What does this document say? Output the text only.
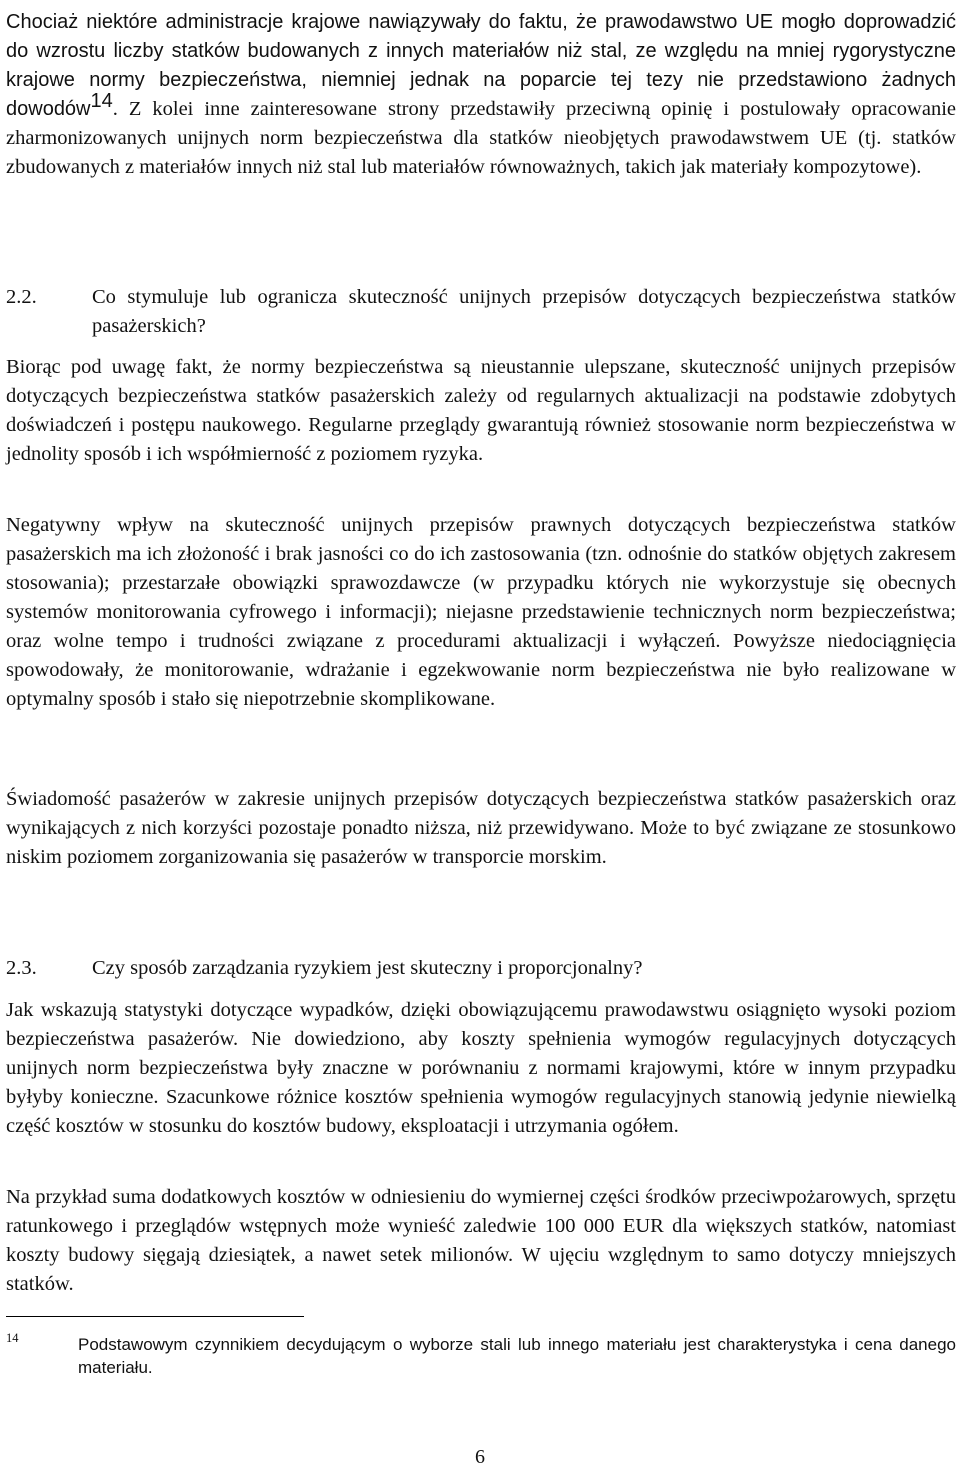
Chociaż niektóre administracje krajowe nawiązywały do faktu, że prawodawstwo UE mogło doprowadzić do wzrostu liczby statków budowanych z innych materiałów niż stal, ze względu na mniej rygorystyczne krajowe normy bezpieczeństwa, niemniej jednak na poparcie tej tezy nie przedstawiono żadnych dowodów$^{14}$. Z kolei inne zainteresowane strony przedstawiły przeciwną opinię i postulowały opracowanie zharmonizowanych unijnych norm bezpieczeństwa dla statków nieobjętych prawodawstwem UE (tj. statków zbudowanych z materiałów innych niż stal lub materiałów równoważnych, takich jak materiały kompozytowe).

2.2.	Co stymuluje lub ogranicza skuteczność unijnych przepisów dotyczących bezpieczeństwa statków pasażerskich?

Biorąc pod uwagę fakt, że normy bezpieczeństwa są nieustannie ulepszane, skuteczność unijnych przepisów dotyczących bezpieczeństwa statków pasażerskich zależy od regularnych aktualizacji na podstawie zdobytych doświadczeń i postępu naukowego. Regularne przeglądy gwarantują również stosowanie norm bezpieczeństwa w jednolity sposób i ich współmierność z poziomem ryzyka.

Negatywny wpływ na skuteczność unijnych przepisów prawnych dotyczących bezpieczeństwa statków pasażerskich ma ich złożoność i brak jasności co do ich zastosowania (tzn. odnośnie do statków objętych zakresem stosowania); przestarzałe obowiązki sprawozdawcze (w przypadku których nie wykorzystuje się obecnych systemów monitorowania cyfrowego i informacji); niejasne przedstawienie technicznych norm bezpieczeństwa; oraz wolne tempo i trudności związane z procedurami aktualizacji i wyłączeń. Powyższe niedociągnięcia spowodowały, że monitorowanie, wdrażanie i egzekwowanie norm bezpieczeństwa nie było realizowane w optymalny sposób i stało się niepotrzebnie skomplikowane.

Świadomość pasażerów w zakresie unijnych przepisów dotyczących bezpieczeństwa statków pasażerskich oraz wynikających z nich korzyści pozostaje ponadto niższa, niż przewidywano. Może to być związane ze stosunkowo niskim poziomem zorganizowania się pasażerów w transporcie morskim.

2.3.	Czy sposób zarządzania ryzykiem jest skuteczny i proporcjonalny?

Jak wskazują statystyki dotyczące wypadków, dzięki obowiązującemu prawodawstwu osiągnięto wysoki poziom bezpieczeństwa pasażerów. Nie dowiedziono, aby koszty spełnienia wymogów regulacyjnych dotyczących unijnych norm bezpieczeństwa były znaczne w porównaniu z normami krajowymi, które w innym przypadku byłyby konieczne. Szacunkowe różnice kosztów spełnienia wymogów regulacyjnych stanowią jedynie niewielką część kosztów w stosunku do kosztów budowy, eksploatacji i utrzymania ogółem.

Na przykład suma dodatkowych kosztów w odniesieniu do wymiernej części środków przeciwpożarowych, sprzętu ratunkowego i przeglądów wstępnych może wynieść zaledwie 100 000 EUR dla większych statków, natomiast koszty budowy sięgają dziesiątek, a nawet setek milionów. W ujęciu względnym to samo dotyczy mniejszych statków.

14	Podstawowym czynnikiem decydującym o wyborze stali lub innego materiału jest charakterystyka i cena danego materiału.

6
